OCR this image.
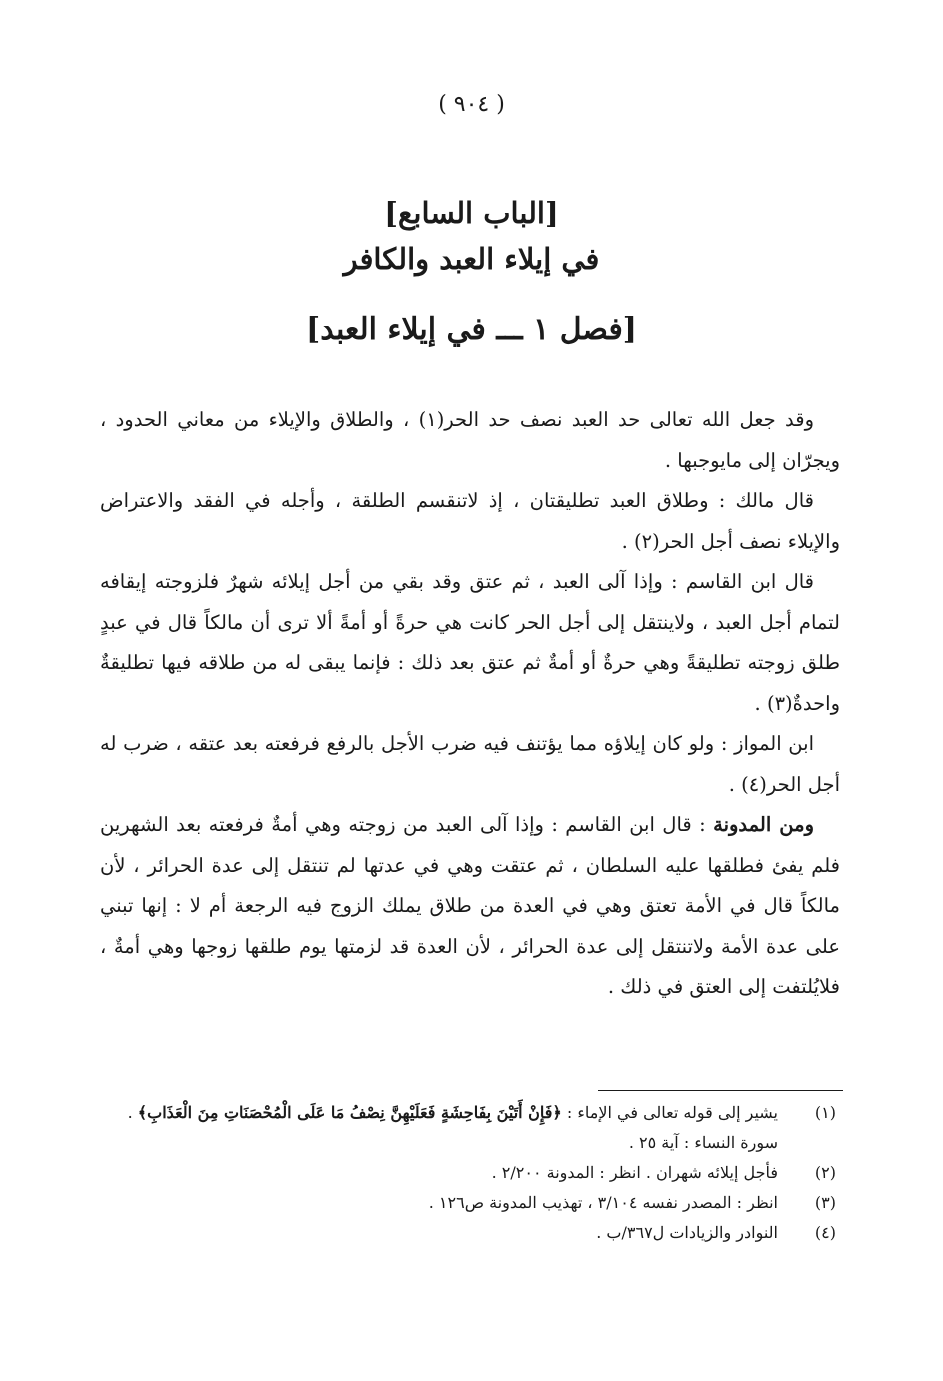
( ٩٠٤ )
[الباب السابع]
في إيلاء العبد والكافر
[فصل ١ ـــ في إيلاء العبد]

وقد جعل الله تعالى حد العبد نصف حد الحر(١) ، والطلاق والإيلاء من معاني الحدود ، ويجرّان إلى مايوجبها .

قال مالك : وطلاق العبد تطليقتان ، إذ لاتنقسم الطلقة ، وأجله في الفقد والاعتراض والإيلاء نصف أجل الحر(٢) .

قال ابن القاسم : وإذا آلى العبد ، ثم عتق وقد بقي من أجل إيلائه شهرٌ فلزوجته إيقافه لتمام أجل العبد ، ولاينتقل إلى أجل الحر كانت هي حرةً أو أمةً ألا ترى أن مالكاً قال في عبدٍ طلق زوجته تطليقةً وهي حرةٌ أو أمةٌ ثم عتق بعد ذلك : فإنما يبقى له من طلاقه فيها تطليقةٌ واحدةٌ(٣) .

ابن المواز : ولو كان إيلاؤه مما يؤتنف فيه ضرب الأجل بالرفع فرفعته بعد عتقه ، ضرب له أجل الحر(٤) .

ومن المدونة : قال ابن القاسم : وإذا آلى العبد من زوجته وهي أمةٌ فرفعته بعد الشهرين فلم يفئ فطلقها عليه السلطان ، ثم عتقت وهي في عدتها لم تنتقل إلى عدة الحرائر ، لأن مالكاً قال في الأمة تعتق وهي في العدة من طلاق يملك الزوج فيه الرجعة أم لا : إنها تبني على عدة الأمة ولاتنتقل إلى عدة الحرائر ، لأن العدة قد لزمتها يوم طلقها زوجها وهي أمةٌ ، فلايُلتفت إلى العتق في ذلك .

(١)
يشير إلى قوله تعالى في الإماء : ﴿فَإِنْ أَتَيْنَ بِفَاحِشَةٍ فَعَلَيْهِنَّ نِصْفُ مَا عَلَى الْمُحْصَنَاتِ مِنَ الْعَذَابِ﴾ . سورة النساء : آية ٢٥ .
(٢)
فأجل إيلائه شهران . انظر : المدونة ٢/٢٠٠ .
(٣)
انظر : المصدر نفسه ٣/١٠٤ ، تهذيب المدونة ص١٢٦ .
(٤)
النوادر والزيادات ل٣٦٧/ب .
